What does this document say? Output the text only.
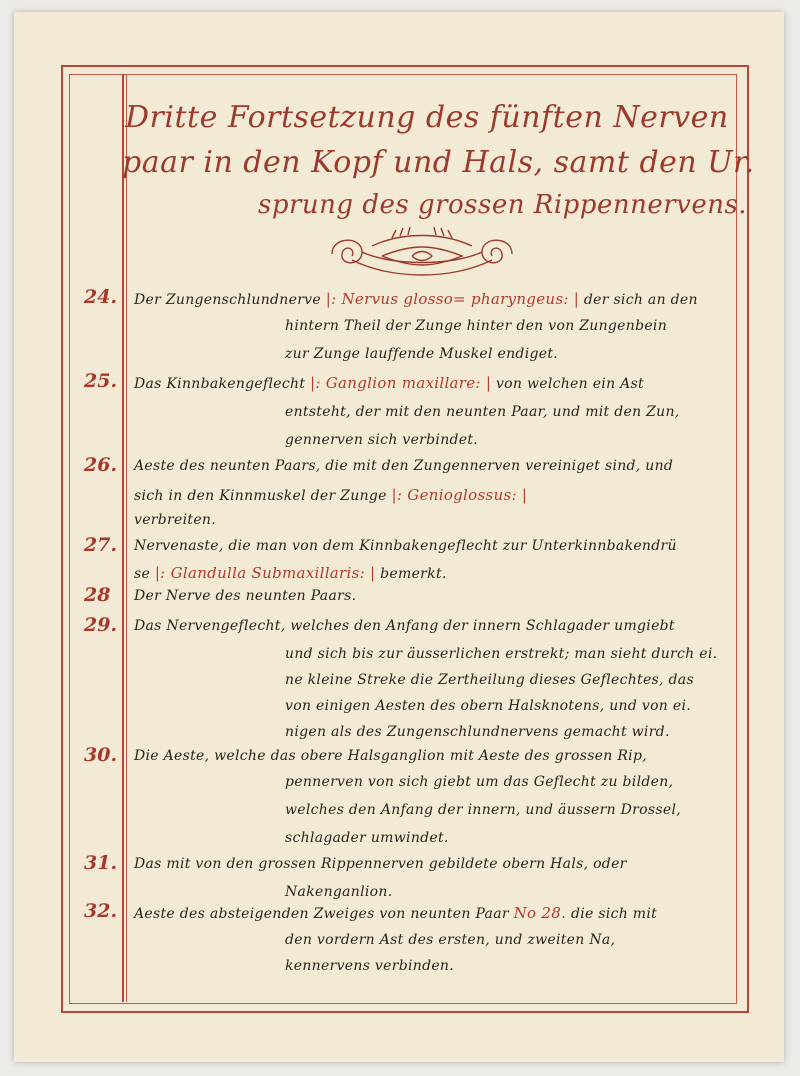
Dritte Fortsetzung des fünften Nerven
paar in den Kopf und Hals, samt den Ur.
sprung des grossen Rippennervens.
24.	Der Zungenschlundnerve |: Nervus glosso= pharyngeus: | der sich an den
hintern Theil der Zunge hinter den von Zungenbein
zur Zunge lauffende Muskel endiget.
25.	Das Kinnbakengeflecht |: Ganglion maxillare: | von welchen ein Ast
entsteht, der mit den neunten Paar, und mit den Zun,
gennerven sich verbindet.
26.	Aeste des neunten Paars, die mit den Zungennerven vereiniget sind, und
sich in den Kinnmuskel der Zunge |: Genioglossus: |
verbreiten.
27.	Nervenaste, die man von dem Kinnbakengeflecht zur Unterkinnbakendrü
se |: Glandulla Submaxillaris: | bemerkt.
28	Der Nerve des neunten Paars.
29.	Das Nervengeflecht, welches den Anfang der innern Schlagader umgiebt
und sich bis zur äusserlichen erstrekt; man sieht durch ei.
ne kleine Streke die Zertheilung dieses Geflechtes, das
von einigen Aesten des obern Halsknotens, und von ei.
nigen als des Zungenschlundnervens gemacht wird.
30.	Die Aeste, welche das obere Halsganglion mit Aeste des grossen Rip,
pennerven von sich giebt um das Geflecht zu bilden,
welches den Anfang der innern, und äussern Drossel,
schlagader umwindet.
31.	Das mit von den grossen Rippennerven gebildete obern Hals, oder
Nakenganlion.
32.	Aeste des absteigenden Zweiges von neunten Paar No 28. die sich mit
den vordern Ast des ersten, und zweiten Na,
kennervens verbinden.
